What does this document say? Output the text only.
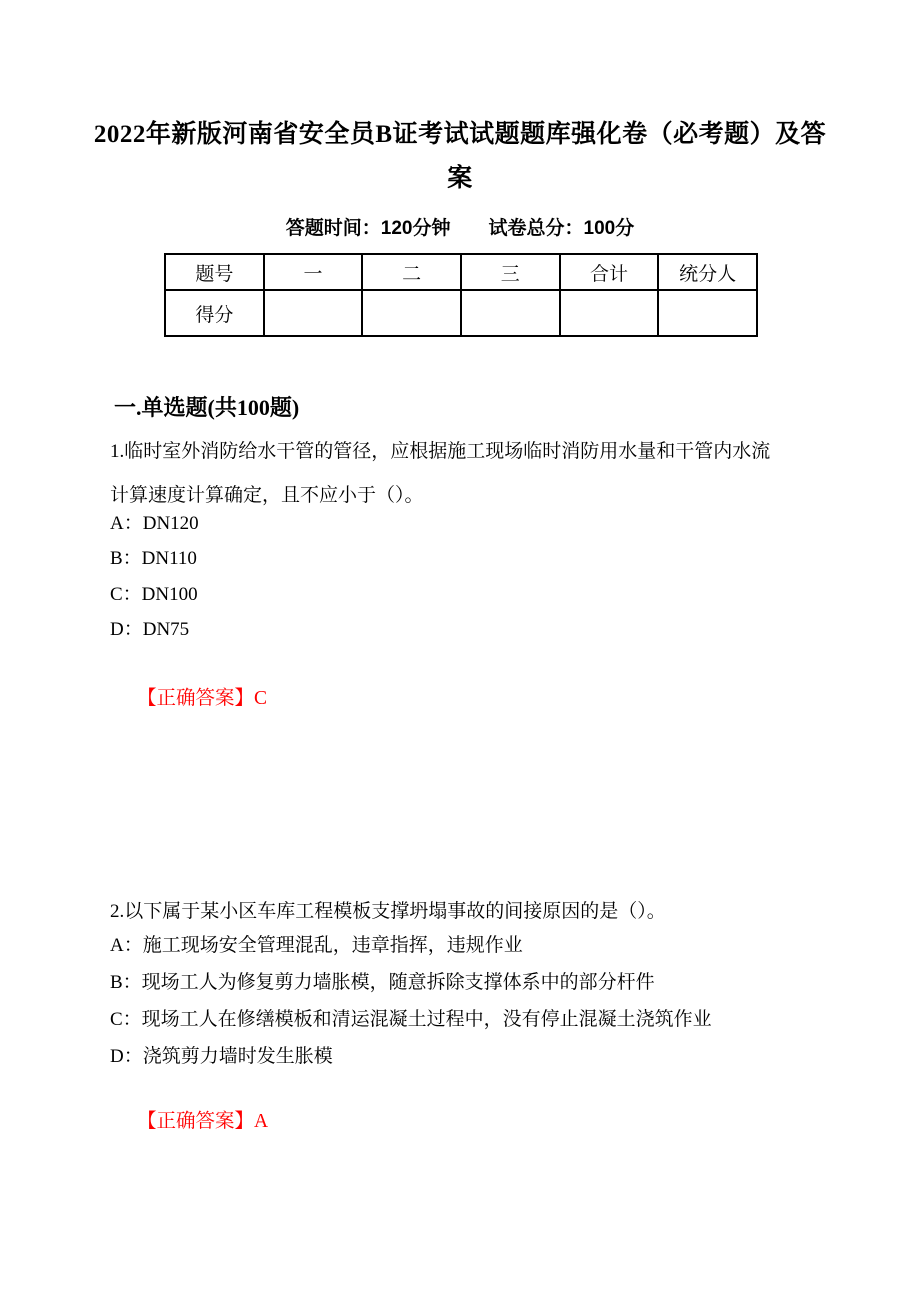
2022年新版河南省安全员B证考试试题题库强化卷（必考题）及答案
答题时间：120分钟 试卷总分：100分
题号	一	二	三	合计	统分人
得分					
一.单选题(共100题)

1.临时室外消防给水干管的管径，应根据施工现场临时消防用水量和干管内水流计算速度计算确定，且不应小于（）。

A：DN120
B：DN110
C：DN100
D：DN75

【正确答案】C

2.以下属于某小区车库工程模板支撑坍塌事故的间接原因的是（）。

A：施工现场安全管理混乱，违章指挥，违规作业
B：现场工人为修复剪力墙胀模，随意拆除支撑体系中的部分杆件
C：现场工人在修缮模板和清运混凝土过程中，没有停止混凝土浇筑作业
D：浇筑剪力墙时发生胀模

【正确答案】A
